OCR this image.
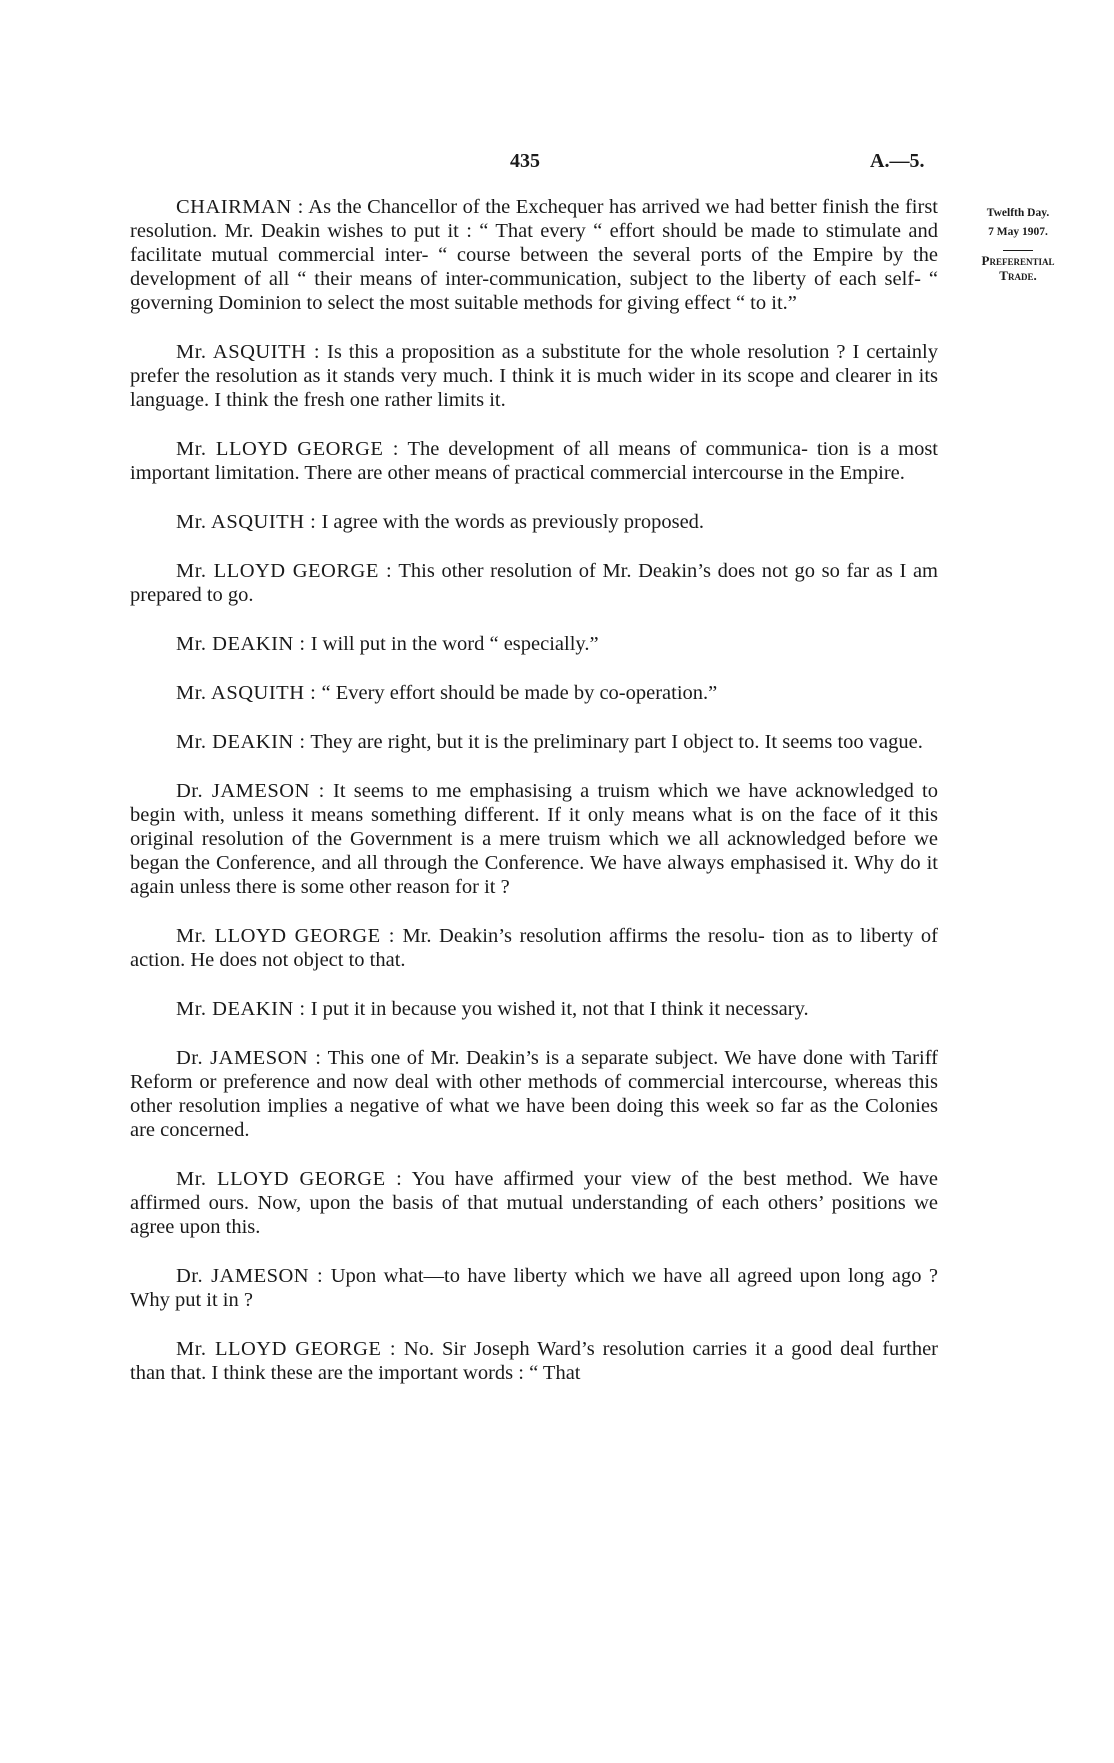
435	A.—5.
Twelfth Day.
7 May 1907.
Preferential
Trade.

CHAIRMAN : As the Chancellor of the Exchequer has arrived we had better finish the first resolution. Mr. Deakin wishes to put it : “ That every “ effort should be made to stimulate and facilitate mutual commercial inter- “ course between the several ports of the Empire by the development of all “ their means of inter-communication, subject to the liberty of each self- “ governing Dominion to select the most suitable methods for giving effect “ to it.”

Mr. ASQUITH : Is this a proposition as a substitute for the whole resolution ? I certainly prefer the resolution as it stands very much. I think it is much wider in its scope and clearer in its language. I think the fresh one rather limits it.

Mr. LLOYD GEORGE : The development of all means of communica- tion is a most important limitation. There are other means of practical commercial intercourse in the Empire.

Mr. ASQUITH : I agree with the words as previously proposed.

Mr. LLOYD GEORGE : This other resolution of Mr. Deakin’s does not go so far as I am prepared to go.

Mr. DEAKIN : I will put in the word “ especially.”

Mr. ASQUITH : “ Every effort should be made by co-operation.”

Mr. DEAKIN : They are right, but it is the preliminary part I object to. It seems too vague.

Dr. JAMESON : It seems to me emphasising a truism which we have acknowledged to begin with, unless it means something different. If it only means what is on the face of it this original resolution of the Government is a mere truism which we all acknowledged before we began the Conference, and all through the Conference. We have always emphasised it. Why do it again unless there is some other reason for it ?

Mr. LLOYD GEORGE : Mr. Deakin’s resolution affirms the resolu- tion as to liberty of action. He does not object to that.

Mr. DEAKIN : I put it in because you wished it, not that I think it necessary.

Dr. JAMESON : This one of Mr. Deakin’s is a separate subject. We have done with Tariff Reform or preference and now deal with other methods of commercial intercourse, whereas this other resolution implies a negative of what we have been doing this week so far as the Colonies are concerned.

Mr. LLOYD GEORGE : You have affirmed your view of the best method. We have affirmed ours. Now, upon the basis of that mutual understanding of each others’ positions we agree upon this.

Dr. JAMESON : Upon what—to have liberty which we have all agreed upon long ago ? Why put it in ?

Mr. LLOYD GEORGE : No. Sir Joseph Ward’s resolution carries it a good deal further than that. I think these are the important words : “ That
